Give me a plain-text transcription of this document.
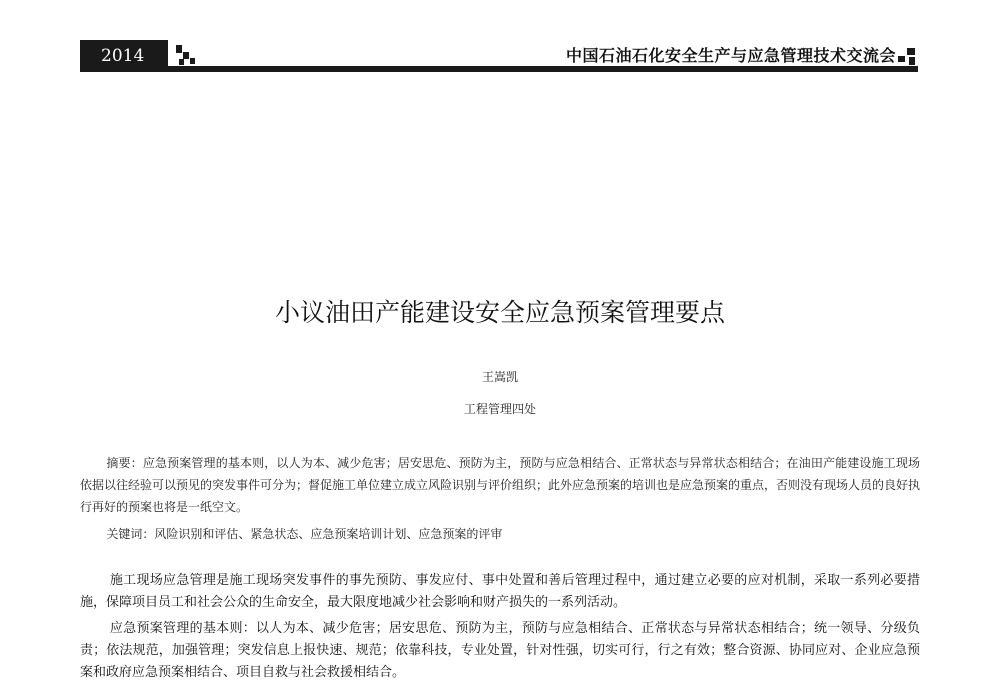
2014	中国石油石化安全生产与应急管理技术交流会
小议油田产能建设安全应急预案管理要点
王嵩凯
工程管理四处
摘要：应急预案管理的基本则，以人为本、减少危害；居安思危、预防为主，预防与应急相结合、正常状态与异常状态相结合；在油田产能建设施工现场依据以往经验可以预见的突发事件可分为；督促施工单位建立成立风险识别与评价组织；此外应急预案的培训也是应急预案的重点，否则没有现场人员的良好执行再好的预案也将是一纸空文。
关键词：风险识别和评估、紧急状态、应急预案培训计划、应急预案的评审
施工现场应急管理是施工现场突发事件的事先预防、事发应付、事中处置和善后管理过程中，通过建立必要的应对机制，采取一系列必要措施，保障项目员工和社会公众的生命安全，最大限度地减少社会影响和财产损失的一系列活动。
应急预案管理的基本则：以人为本、减少危害；居安思危、预防为主，预防与应急相结合、正常状态与异常状态相结合；统一领导、分级负责；依法规范，加强管理；突发信息上报快速、规范；依靠科技，专业处置，针对性强，切实可行，行之有效；整合资源、协同应对、企业应急预案和政府应急预案相结合、项目自救与社会救援相结合。
